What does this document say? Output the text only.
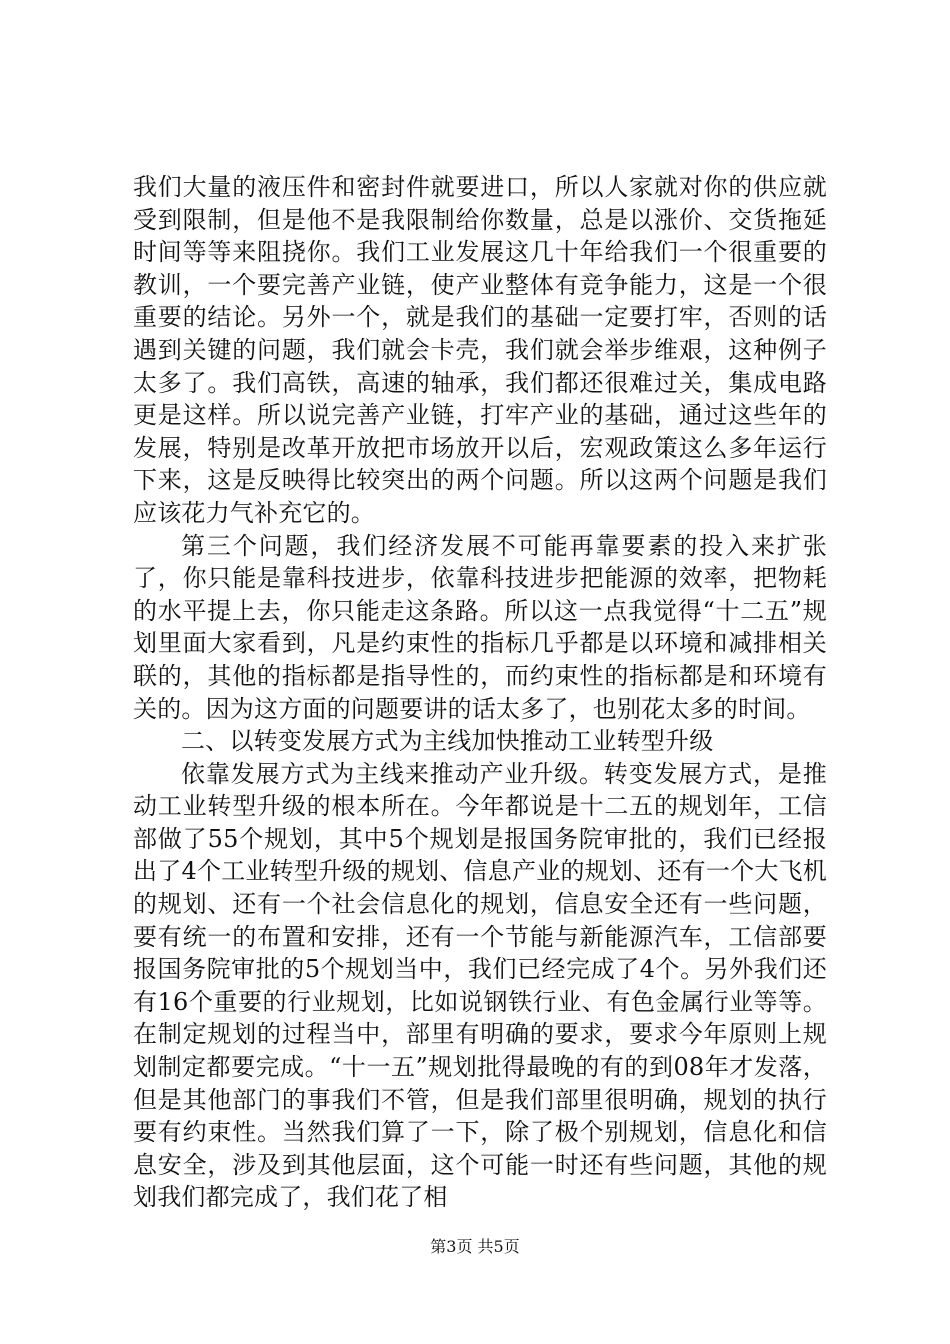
我们大量的液压件和密封件就要进口，所以人家就对你的供应就受到限制，但是他不是我限制给你数量，总是以涨价、交货拖延时间等等来阻挠你。我们工业发展这几十年给我们一个很重要的教训，一个要完善产业链，使产业整体有竞争能力，这是一个很重要的结论。另外一个，就是我们的基础一定要打牢，否则的话遇到关键的问题，我们就会卡壳，我们就会举步维艰，这种例子太多了。我们高铁，高速的轴承，我们都还很难过关，集成电路更是这样。所以说完善产业链，打牢产业的基础，通过这些年的发展，特别是改革开放把市场放开以后，宏观政策这么多年运行下来，这是反映得比较突出的两个问题。所以这两个问题是我们应该花力气补充它的。

第三个问题，我们经济发展不可能再靠要素的投入来扩张了，你只能是靠科技进步，依靠科技进步把能源的效率，把物耗的水平提上去，你只能走这条路。所以这一点我觉得“十二五”规划里面大家看到，凡是约束性的指标几乎都是以环境和减排相关联的，其他的指标都是指导性的，而约束性的指标都是和环境有关的。因为这方面的问题要讲的话太多了，也别花太多的时间。

二、以转变发展方式为主线加快推动工业转型升级

依靠发展方式为主线来推动产业升级。转变发展方式，是推动工业转型升级的根本所在。今年都说是十二五的规划年，工信部做了55个规划，其中5个规划是报国务院审批的，我们已经报出了4个工业转型升级的规划、信息产业的规划、还有一个大飞机的规划、还有一个社会信息化的规划，信息安全还有一些问题，要有统一的布置和安排，还有一个节能与新能源汽车，工信部要报国务院审批的5个规划当中，我们已经完成了4个。另外我们还有16个重要的行业规划，比如说钢铁行业、有色金属行业等等。在制定规划的过程当中，部里有明确的要求，要求今年原则上规划制定都要完成。“十一五”规划批得最晚的有的到08年才发落，但是其他部门的事我们不管，但是我们部里很明确，规划的执行要有约束性。当然我们算了一下，除了极个别规划，信息化和信息安全，涉及到其他层面，这个可能一时还有些问题，其他的规划我们都完成了，我们花了相

第3页 共5页
